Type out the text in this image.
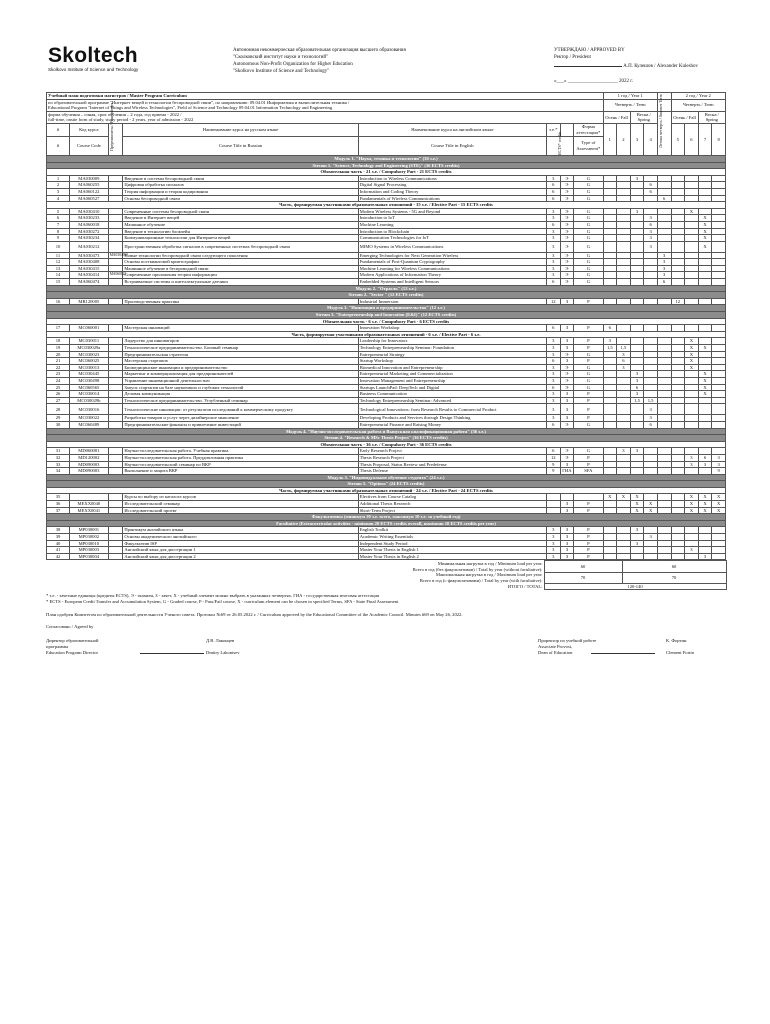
Skoltech
Skolkovo Institute of Science and Technology
Автономная некоммерческая образовательная организация высшего образования
"Сколковский институт науки и технологий"
Autonomous Non-Profit Organization for Higher Education
"Skolkovo Institute of Science and Technology"
УТВЕРЖДАЮ / APPROVED BY
Ректор / President
А.П. Кулешов / Alexander Kuleshov
«___» ____________________ 2022 г.
Учебный план подготовки магистров / Master Program Curriculum								1 год / Year 1					2 год / Year 2			
по образовательной программе "Интернет вещей и технологии беспроводной связи", по направлению: 09.04.01 Информатика и вычислительная техника /								Четверть / Term					Четверть / Term			
Educational Program "Internet of Things and Wireless Technologies", Field of Science and Technology 09.04.01 Information Technology and Engineering																
форма обучения – очная, срок обучения – 2 года, год приема - 2022 /								Осень / Fall		Весна / Spring		Летняя четверть / Summer Term	Осень / Fall		Весна / Spring	
full-time, onsite form of study, study period - 2 years, year of admission - 2022																
#	Код курса	Пререквизиты / Prerequisites	Наименование курса на русском языке	Наименование курса на английском языке	з.е.*		Форма аттестации*	1	2	3	4		5	6	7	8
#	Course Code		Course Title in Russian	Course Title in English	ECTS* credits		Type of Assessment*									
Модуль 1. "Наука, техника и технологии" (36 з.е.)																
Stream 1. "Science, Technology and Engineering (STE)" (36 ECTS credits)																
Обязательная часть - 21 з.е. / Compulsory Part - 21 ECTS credits																
1	MA030009		Введение в системы беспроводной связи	Introduction to Wireless Communications	3	Э	G			3						
2	MA060255		Цифровая обработка сигналов	Digital Signal Processing	6	Э	G				6					
3	MA060122		Теория информации и теория кодирования	Information and Coding Theory	6	Э	G				6					
4	MA060527		Основы беспроводной связи	Fundamentals of Wireless Communications	6	Э	G					6				
Часть, формируемая участниками образовательных отношений - 15 з.е. / Elective Part - 15 ECTS credits																
5	MA030410		Современные системы беспроводной связи	Modern Wireless Systems - 5G and Beyond	3	Э	G			3				X		
6	MA030233		Введение в Интернет вещей	Introduction to IoT	3	Э	G				3				X	
7	MA060018		Машинное обучение	Machine Learning	6	Э	G				6				X	
8	MA030272		Введение в технологию блокчейн	Introduction to Blockchain	3	Э	G				3				X	
9	MA030234		Коммуникационные технологии для Интернета вещей	Communication Technologies for IoT	3	Э	G				3				X	
10	MA030212		Пространственная обработка сигналов в современных системах беспроводной связи	MIMO Systems in Wireless Communications	3	Э	G				3				X	
11	MA030473	MA030409?	Новые технологии беспроводной связи следующего поколения	Emerging Technologies for Next Generation Wireless	3	Э	G					3				
12	MA030408		Основы постквантовой криптографии	Fundamentals of Post-Quantum Cryptography	3	Э	G					3				
13	MA030415		Машинное обучение в беспроводной связи	Machine Learning for Wireless Communications	3	Э	G					3				
14	MA030414	MA060122	Современные приложения теории информации	Modern Applications of Information Theory	3	Э	G					3				
15	MA060474		Встраиваемые системы и интеллектуальные датчики	Embedded Systems and Intelligent Sensors	6	Э	G					6				
Модуль 2. "Отрасль" (12 з.е.)																
Stream 2. "Sector " (12 ECTS credits)																
16	MB120005		Производственная практика	Industrial Immersion	12	З	P						12			
Модуль 3. "Инновации и предпринимательство" (12 з.е.)																
Stream 3. "Entrepreneurship and Innovation (E&I)" (12 ECTS credits)																
Обязательная часть - 6 з.е. / Compulsory Part - 6 ECTS credits																
17	MC060001		Мастерская инноваций	Innovation Workshop	6	З	P	6								
Часть, формируемая участниками образовательных отношений - 6 з.е. / Elective Part - 6 з.е.																
18	MC030011		Лидерство для инноваторов	Leadership for Innovators	3	З	P	3						X		
19	MC030029a		Технологическое предпринимательство. Базовый семинар	Technology Entrepreneurship Seminar: Foundation	3	З	P	1,5	1,5					X	X	
20	MC030023		Предпринимательская стратегия	Entrepreneurial Strategy	3	Э	G		3					X		
21	MC060025		Мастерская стартапов	Startup Workshop	6	З	P		6					X		
22	MC030013		Биомедицинские инновации и предпринимательство	Biomedical Innovation and Entrepreneurship	3	Э	G		3					X		
23	MC030445		Маркетинг и коммерциализация для предпринимателей	Entrepreneurial Marketing and Commercialization	3	Э	G			3					X	
24	MC030498		Управление инновационной деятельностью	Innovation Management and Entrepreneurship	3	Э	G			3					X	
25	MC060565		Запуск стартапов на базе наукоемких и глубоких технологий	Startups LaunchPad: DeepTech and Digital	6	Э	G			6					X	
26	MC030014		Деловая коммуникация	Business Communication	3	З	P			3					X	
27	MC030029b		Технологическое предпринимательство. Углубленный семинар	Technology Entrepreneurship Seminar: Advanced	3	З	P			1,5	1,5					
28	MC030016		Технологические инновации: от результатов исследований к коммерческому продукту	Technological Innovations: from Research Results to Commercial Product	3	З	P				3					
29	MC030022		Разработка товаров и услуг через дизайнерское мышление	Developing Products and Services through Design Thinking	3	З	P				3					
30	MC060489		Предпринимательские финансы и привлечение инвестиций	Entrepreneurial Finance and Raising Money	6	Э	G				6					
Модуль 4. "Научно-исследовательская работа и Выпускная квалификационная работа" (36 з.е.)																
Stream 4. "Research & MSc Thesis Project" (36 ECTS credits)																
Обязательная часть - 36 з.е. / Compulsory Part - 36 ECTS credits																
31	MD060001		Научно-исследовательская работа. Учебная практика	Early Research Project	6	Э	G		3	3						
32	MD120002		Научно-исследовательская работа. Преддипломная практика	Thesis Research Project	12	Э	P							3	6	3
33	MD090003		Научно-исследовательский семинар по ВКР	Thesis Proposal, Status Review and Predefense	9	З	P							3	3	3
34	MD090003		Выполнение и защита ВКР	Thesis Defense	9	ГИА	SFA									9
Модуль 5. "Индивидуальное обучение студента" (24 з.е.)																
Stream 5. "Options" (24 ECTS credits)																
Часть, формируемая участниками образовательных отношений - 24 з.е. / Elective Part - 24 ECTS credits																
35			Курсы по выбору из каталога курсов	Electives from Course Catalog				X	X	X				X	X	X
36	MEXX0040		Исследовательский семинар	Additional Thesis Research		З	P			X	X			X	X	X
37	MEXX0041		Исследовательский проект	Short-Term Project		З	P			X	X			X	X	X
Факультативы (минимум 20 з.е. всего, максимум 10 з.е. за учебный год)																
Facultative (Extracurricular activities - minimum 20 ECTS credits overall, maximum 10 ECTS credits per year)																
38	MP030001		Практикум английского языка	English Toolkit	3	З	P			3						
39	MP030002		Основы академического английского	Academic Writing Essentials	3	З	P				3					
40	MP030010		Факультатив ISP	Independent Study Period	3	З	P			3						
41	MP030003		Английский язык для диссертации 1	Master Your Thesis in English 1	3	З	P							3		
42	MP030004		Английский язык для диссертации 2	Master Your Thesis in English 2	3	З	P								3	
Минимальная нагрузка в год / Minimum load per year:	60	60
Всего в год (без факультативов) / Total by year (without facultative):		
Максимальная нагрузка в год / Maximum load per year:	70	70
Всего в год (с факультативами) / Total by year (with facultative):		
ИТОГО / TOTAL:	120-140	
* з.е. - зачетные единицы (кредиты ECTS), Э - экзамен, З - зачет, X - учебный элемент можно выбрать в указанных четвертях, ГИА - государственная итоговая аттестация
* ECTS - European Credit Transfer and Accumulation System, G - Graded course, P - Pass/Fail course, X - curriculum element can be chosen in specified Terms, SFA - State Final Assessment
План одобрен Комитетом по образовательной деятельности Ученого совета. Протокол №69 от 26.05.2022 г. / Curriculum approved by the Educational Committee of the Academic Council. Minutes #69 on May 26, 2022.
Согласовано / Agreed by
Директор образовательной
программы
Education Program Director
Д.В. Лаконцев
Dmitry Lakontsev
Проректор по учебной работе
Associate Provost,
Dean of Education
К. Фортин
Clement Fortin
